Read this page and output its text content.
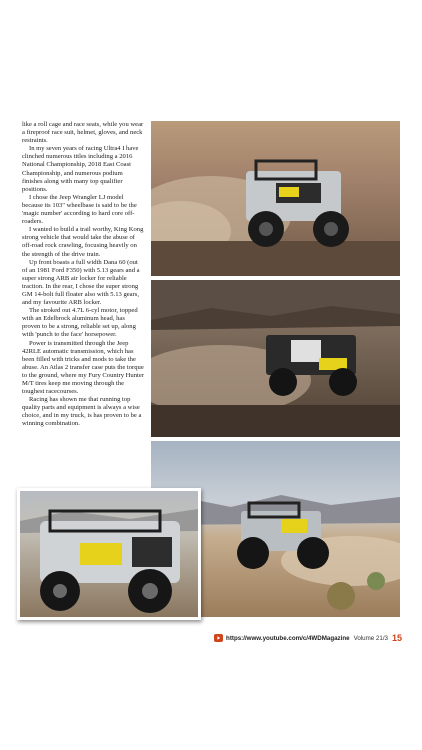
like a roll cage and race seats, while you wear a fireproof race suit, helmet, gloves, and neck restraints.

In my seven years of racing Ultra4 I have clinched numerous titles including a 2016 National Championship, 2018 East Coast Championship, and numerous podium finishes along with many top qualifier positions.

I chose the Jeep Wrangler LJ model because its 103" wheelbase is said to be the 'magic number' according to hard core off-roaders.

I wanted to build a trail worthy, King Kong strong vehicle that would take the abuse of off-road rock crawling, focusing heavily on the strength of the drive train.

Up front boasts a full width Dana 60 (out of an 1981 Ford F350) with 5.13 gears and a super strong ARB air locker for reliable traction. In the rear, I chose the super strong GM 14-bolt full floater also with 5.13 gears, and my favourite ARB locker.

The stroked out 4.7L 6-cyl motor, topped with an Edelbrock aluminum head, has proven to be a strong, reliable set up, along with 'punch to the face' horsepower.

Power is transmitted through the Jeep 42RLE automatic transmission, which has been filled with tricks and mods to take the abuse. An Atlas 2 transfer case puts the torque to the ground, where my Fury Country Hunter M/T tires keep me moving through the toughest racecourses.

Racing has shown me that running top quality parts and equipment is always a wise choice, and in my truck, is has proven to be a winning combination.

https://www.youtube.com/c/4WDMagazine Volume 21/3 15
